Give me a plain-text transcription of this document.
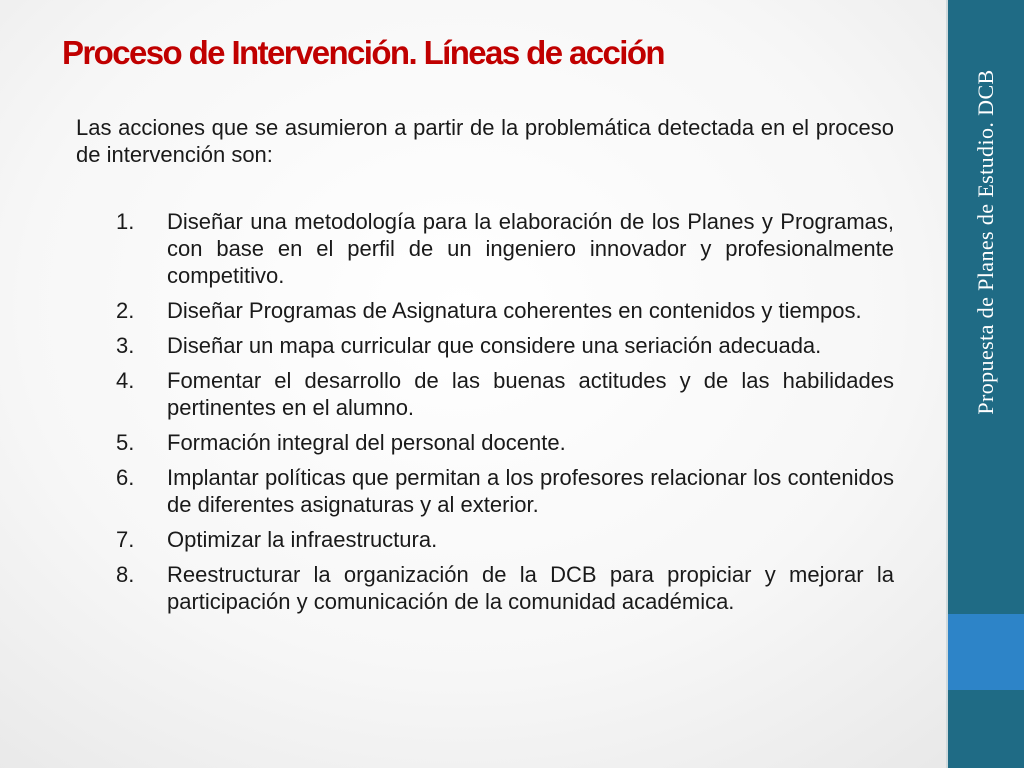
Proceso de Intervención. Líneas de acción

Las acciones que se asumieron a partir de la problemática detectada en el proceso de intervención son:

1. Diseñar una metodología para la elaboración de los Planes y Programas, con base en el perfil de un ingeniero innovador y profesionalmente competitivo.
2. Diseñar Programas de Asignatura coherentes en contenidos y tiempos.
3. Diseñar un mapa curricular que considere una seriación adecuada.
4. Fomentar el desarrollo de las buenas actitudes y de las habilidades pertinentes en el alumno.
5. Formación integral del personal docente.
6. Implantar políticas que permitan a los profesores relacionar los contenidos de diferentes asignaturas y al exterior.
7. Optimizar la infraestructura.
8. Reestructurar la organización de la DCB para propiciar y mejorar la participación y comunicación de la comunidad académica.
Propuesta de Planes de Estudio. DCB
